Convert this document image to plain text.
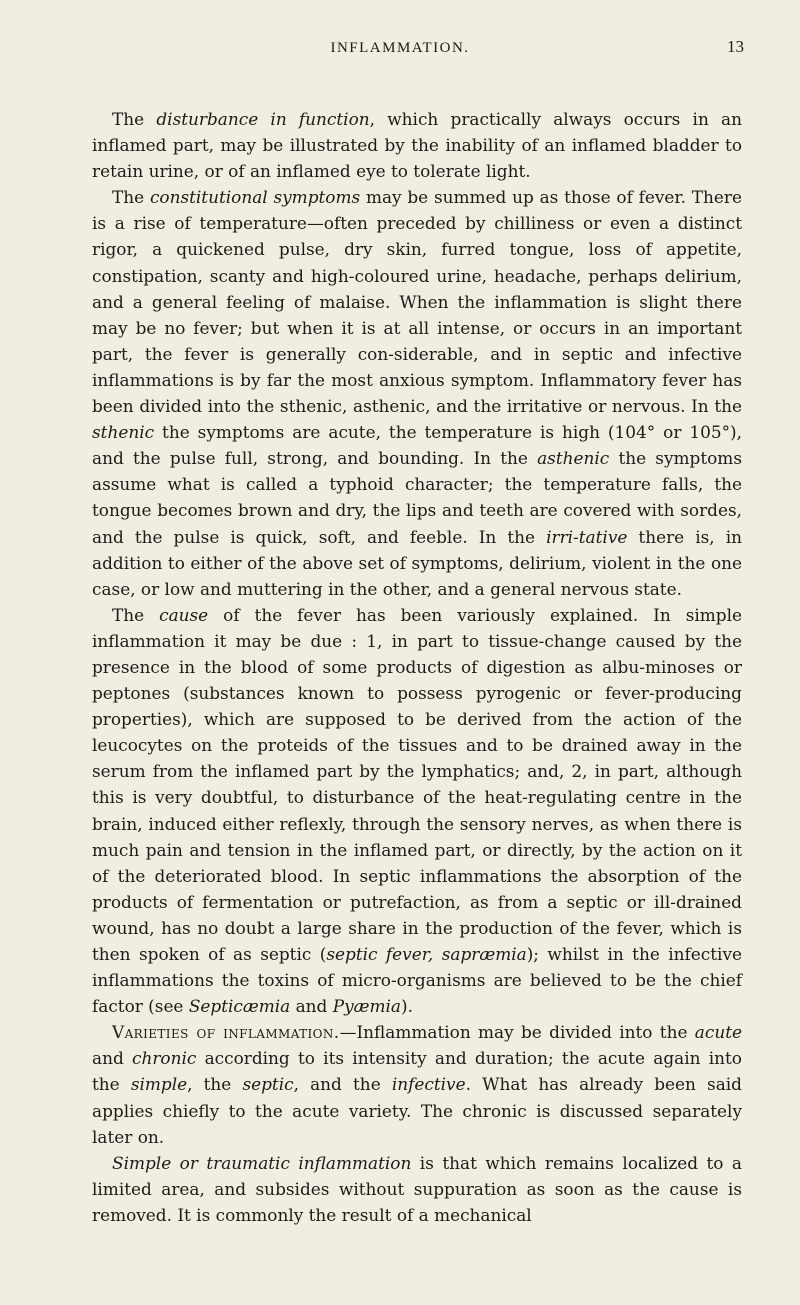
INFLAMMATION.	13

The disturbance in function, which practically always occurs in an inflamed part, may be illustrated by the inability of an inflamed bladder to retain urine, or of an inflamed eye to tolerate light.

The constitutional symptoms may be summed up as those of fever. There is a rise of temperature—often preceded by chilliness or even a distinct rigor, a quickened pulse, dry skin, furred tongue, loss of appetite, constipation, scanty and high-coloured urine, headache, perhaps delirium, and a general feeling of malaise. When the inflammation is slight there may be no fever; but when it is at all intense, or occurs in an important part, the fever is generally con-siderable, and in septic and infective inflammations is by far the most anxious symptom. Inflammatory fever has been divided into the sthenic, asthenic, and the irritative or nervous. In the sthenic the symptoms are acute, the temperature is high (104° or 105°), and the pulse full, strong, and bounding. In the asthenic the symptoms assume what is called a typhoid character; the temperature falls, the tongue becomes brown and dry, the lips and teeth are covered with sordes, and the pulse is quick, soft, and feeble. In the irri-tative there is, in addition to either of the above set of symptoms, delirium, violent in the one case, or low and muttering in the other, and a general nervous state.

The cause of the fever has been variously explained. In simple inflammation it may be due : 1, in part to tissue-change caused by the presence in the blood of some products of digestion as albu-minoses or peptones (substances known to possess pyrogenic or fever-producing properties), which are supposed to be derived from the action of the leucocytes on the proteids of the tissues and to be drained away in the serum from the inflamed part by the lymphatics; and, 2, in part, although this is very doubtful, to disturbance of the heat-regulating centre in the brain, induced either reflexly, through the sensory nerves, as when there is much pain and tension in the inflamed part, or directly, by the action on it of the deteriorated blood. In septic inflammations the absorption of the products of fermentation or putrefaction, as from a septic or ill-drained wound, has no doubt a large share in the production of the fever, which is then spoken of as septic (septic fever, sapræmia); whilst in the infective inflammations the toxins of micro-organisms are believed to be the chief factor (see Septicæmia and Pyæmia).

Varieties of inflammation.—Inflammation may be divided into the acute and chronic according to its intensity and duration; the acute again into the simple, the septic, and the infective. What has already been said applies chiefly to the acute variety. The chronic is discussed separately later on.

Simple or traumatic inflammation is that which remains localized to a limited area, and subsides without suppuration as soon as the cause is removed. It is commonly the result of a mechanical
